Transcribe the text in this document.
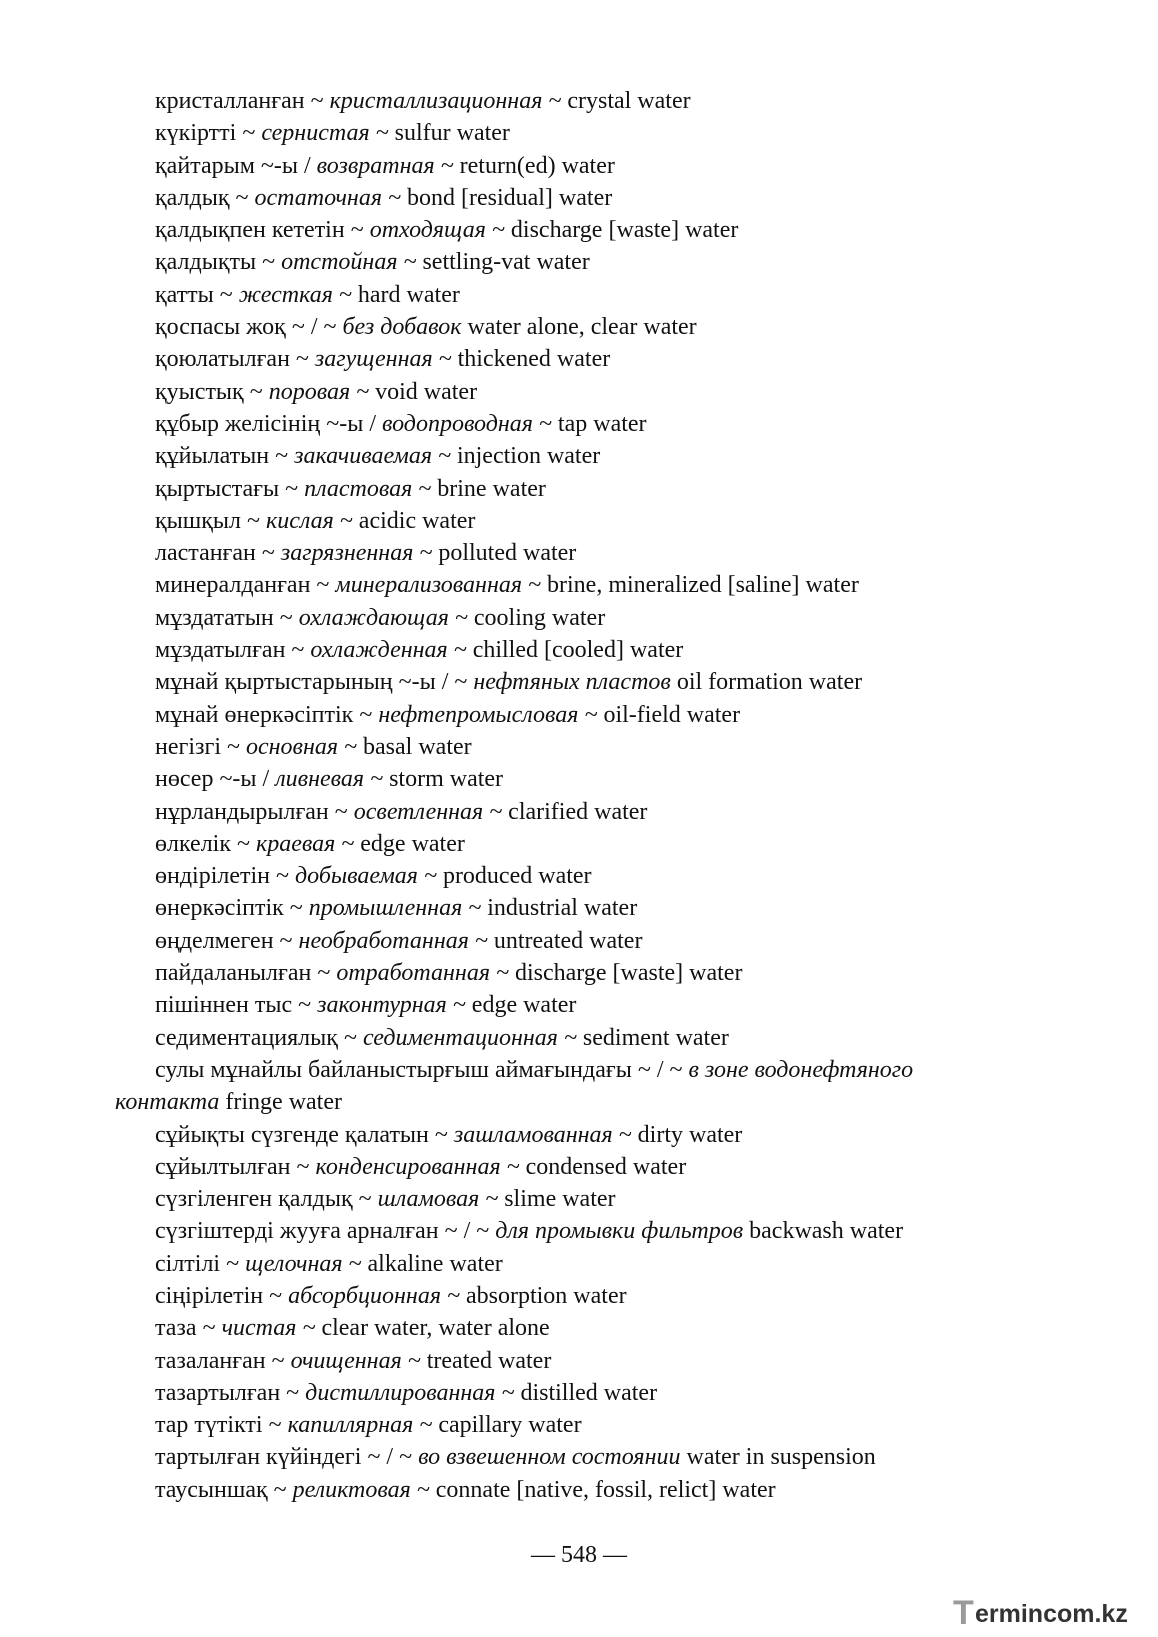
кристалланған ~ кристаллизационная ~ crystal water

күкіртті ~ сернистая ~ sulfur water

қайтарым ~-ы / возвратная ~ return(ed) water

қалдық ~ остаточная ~ bond [residual] water

қалдықпен кететін ~ отходящая ~ discharge [waste] water

қалдықты ~ отстойная ~ settling-vat water

қатты ~ жесткая ~ hard water

қоспасы жоқ ~ / ~ без добавок water alone, clear water

қоюлатылған ~ загущенная ~ thickened water

қуыстық ~ поровая ~ void water

құбыр желісінің ~-ы / водопроводная ~ tap water

құйылатын ~ закачиваемая ~ injection water

қыртыстағы ~ пластовая ~ brine water

қышқыл ~ кислая ~ acidic water

ластанған ~ загрязненная ~ polluted water

минералданған ~ минерализованная ~ brine, mineralized [saline] water

мұздататын ~ охлаждающая ~ cooling water

мұздатылған ~ охлажденная ~ chilled [cooled] water

мұнай қыртыстарының ~-ы / ~ нефтяных пластов oil formation water

мұнай өнеркәсіптік ~ нефтепромысловая ~ oil-field water

негізгі ~ основная ~ basal water

нөсер ~-ы / ливневая ~ storm water

нұрландырылған ~ осветленная ~ clarified water

өлкелік ~ краевая ~ edge water

өндірілетін ~ добываемая ~ produced water

өнеркәсіптік ~ промышленная ~ industrial water

өңделмеген ~ необработанная ~ untreated water

пайдаланылған ~ отработанная ~ discharge [waste] water

пішіннен тыс ~ законтурная ~ edge water

седиментациялық ~ седиментационная ~ sediment water

сулы мұнайлы байланыстырғыш аймағындағы ~ / ~ в зоне водонефтяного контакта fringe water

сұйықты сүзгенде қалатын ~ зашламованная ~ dirty water

сұйылтылған ~ конденсированная ~ condensed water

сүзгіленген қалдық ~ шламовая ~ slime water

сүзгіштерді жууға арналған ~ / ~ для промывки фильтров backwash water

сілтілі ~ щелочная ~ alkaline water

сіңірілетін ~ абсорбционная ~ absorption water

таза ~ чистая ~ clear water, water alone

тазаланған ~ очищенная ~ treated water

тазартылған ~ дистиллированная ~ distilled water

тар түтікті ~ капиллярная ~ capillary water

тартылған күйіндегі ~ / ~ во взвешенном состоянии water in suspension

таусыншақ ~ реликтовая ~ connate [native, fossil, relict] water

— 548 —
T ermincom.kz
